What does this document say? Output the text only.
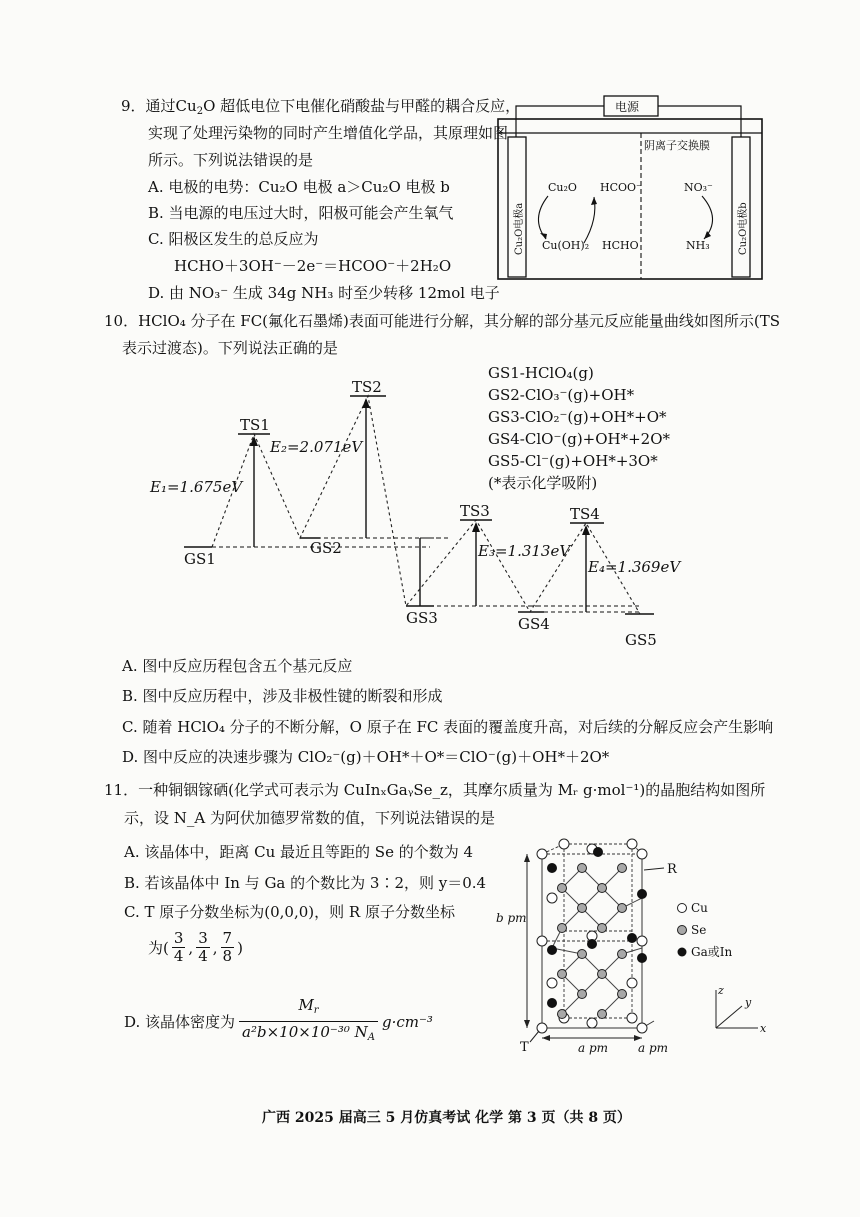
9．通过$Cu_2O$ 超低电位下电催化硝酸盐与甲醛的耦合反应，
实现了处理污染物的同时产生增值化学品，其原理如图
所示。下列说法错误的是
A. 电极的电势：Cu₂O 电极 a＞Cu₂O 电极 b
B. 当电源的电压过大时，阳极可能会产生氧气
C. 阳极区发生的总反应为
HCHO＋3OH⁻－2e⁻＝HCOO⁻＋2H₂O
D. 由 NO₃⁻ 生成 34g NH₃ 时至少转移 12mol 电子
电源
阴离子交换膜
Cu₂O电极a	Cu₂O电极b
Cu₂O
Cu(OH)₂
HCOO⁻
HCHO
NO₃⁻
NH₃
10．HClO₄ 分子在 FC(氟化石墨烯)表面可能进行分解，其分解的部分基元反应能量曲线如图所示(TS
表示过渡态)。下列说法正确的是
GS1-HClO₄(g)
GS2-ClO₃⁻(g)+OH*
GS3-ClO₂⁻(g)+OH*+O*
GS4-ClO⁻(g)+OH*+2O*
GS5-Cl⁻(g)+OH*+3O*
(*表示化学吸附)
TS1
TS2
TS3	TS4
GS1
GS2
GS3	GS4
GS5
E₁=1.675eV
E₂=2.071eV
E₃=1.313eV
E₄=1.369eV
A. 图中反应历程包含五个基元反应
B. 图中反应历程中，涉及非极性键的断裂和形成
C. 随着 HClO₄ 分子的不断分解，O 原子在 FC 表面的覆盖度升高，对后续的分解反应会产生影响
D. 图中反应的决速步骤为 ClO₂⁻(g)＋OH*＋O*＝ClO⁻(g)＋OH*＋2O*
11．一种铜铟镓硒(化学式可表示为 CuInₓGaᵧSe_z，其摩尔质量为 Mᵣ g·mol⁻¹)的晶胞结构如图所
示，设 N_A 为阿伏加德罗常数的值，下列说法错误的是
A. 该晶体中，距离 Cu 最近且等距的 Se 的个数为 4
B. 若该晶体中 In 与 Ga 的个数比为 3∶2，则 y＝0.4
C. T 原子分数坐标为(0,0,0)，则 R 原子分数坐标
为(
3
4 ,
3
4 ,
7
8 )
D. 该晶体密度为
$M_r$
a²b×10×10⁻³⁰ $N_A$
g·cm⁻³
R
b pm
T	a pm a pm
Cu
Se
Ga或In
z
y
x
广西 2025 届高三 5 月仿真考试 化学 第 3 页（共 8 页）
